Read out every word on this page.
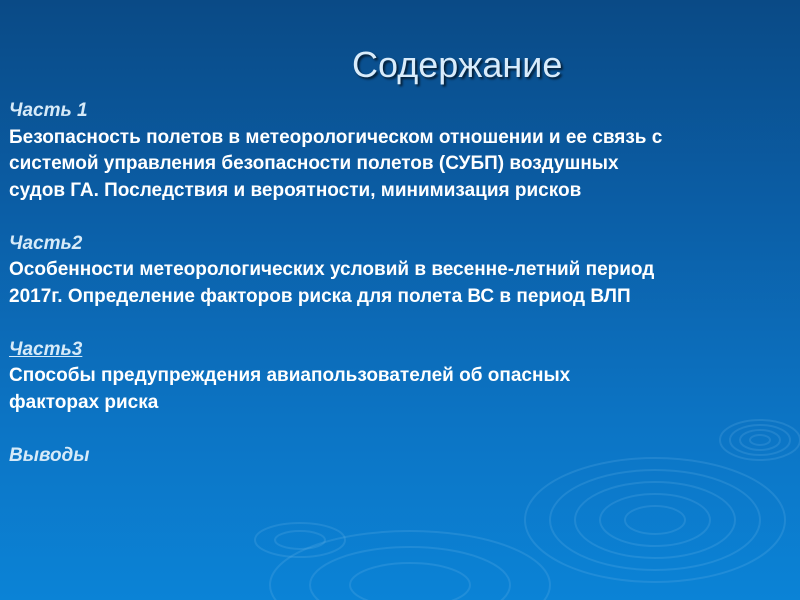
Содержание
Часть 1
Безопасность полетов в метеорологическом отношении и ее связь с
системой управления безопасности полетов (СУБП) воздушных
судов ГА. Последствия и вероятности, минимизация рисков
Часть2
Особенности метеорологических условий в весенне-летний период
2017г. Определение факторов риска для полета ВС в период ВЛП
Часть3
Способы предупреждения авиапользователей об опасных
факторах риска
Выводы
